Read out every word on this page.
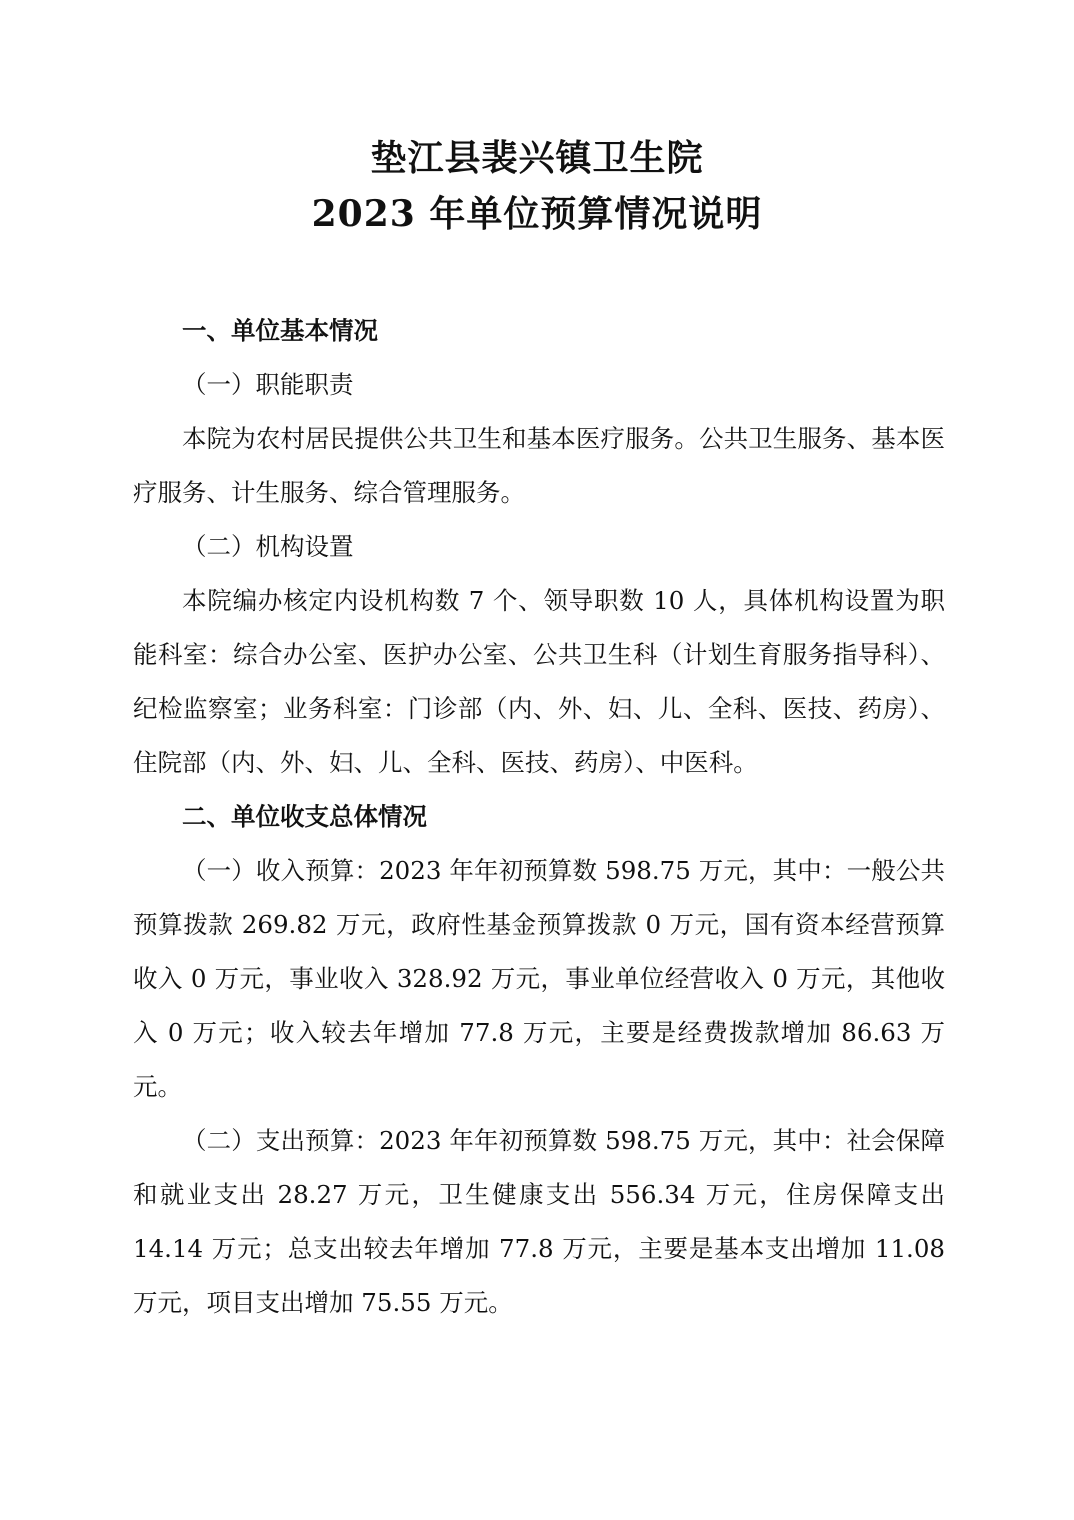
垫江县裴兴镇卫生院
2023 年单位预算情况说明
一、单位基本情况

（一）职能职责

本院为农村居民提供公共卫生和基本医疗服务。公共卫生服务、基本医疗服务、计生服务、综合管理服务。

（二）机构设置

本院编办核定内设机构数 7 个、领导职数 10 人，具体机构设置为职能科室：综合办公室、医护办公室、公共卫生科（计划生育服务指导科）、纪检监察室；业务科室：门诊部（内、外、妇、儿、全科、医技、药房）、住院部（内、外、妇、儿、全科、医技、药房）、中医科。

二、单位收支总体情况

（一）收入预算：2023 年年初预算数 598.75 万元，其中：一般公共预算拨款 269.82 万元，政府性基金预算拨款 0 万元，国有资本经营预算收入 0 万元，事业收入 328.92 万元，事业单位经营收入 0 万元，其他收入 0 万元；收入较去年增加 77.8 万元，主要是经费拨款增加 86.63 万元。

（二）支出预算：2023 年年初预算数 598.75 万元，其中：社会保障和就业支出 28.27 万元，卫生健康支出 556.34 万元，住房保障支出 14.14 万元；总支出较去年增加 77.8 万元，主要是基本支出增加 11.08 万元，项目支出增加 75.55 万元。
